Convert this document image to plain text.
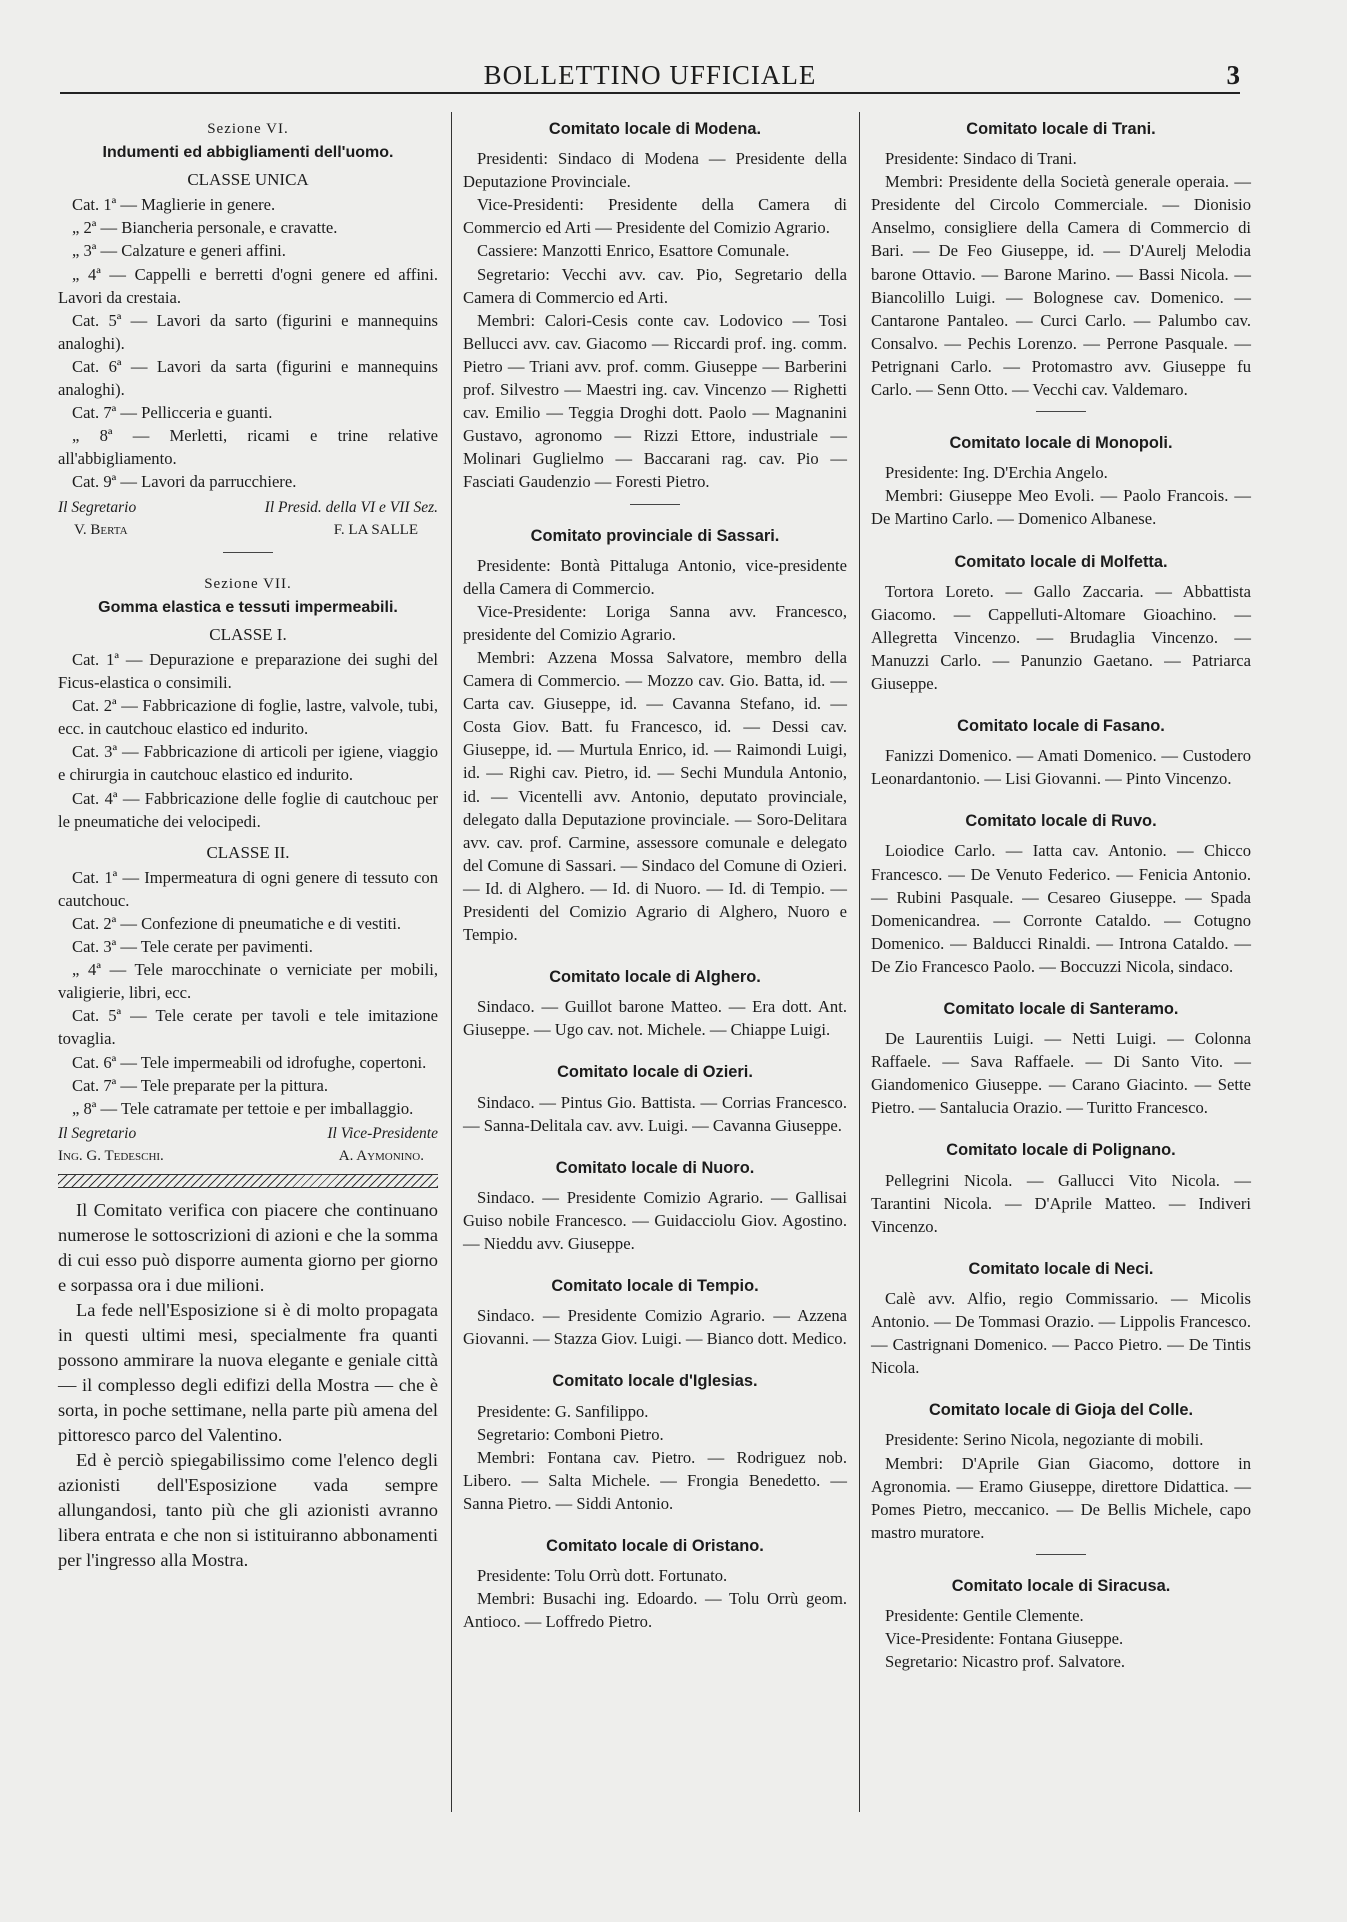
BOLLETTINO UFFICIALE	3
Sezione VI.
Indumenti ed abbigliamenti dell'uomo.
CLASSE UNICA

Cat. 1ª — Maglierie in genere.

„ 2ª — Biancheria personale, e cravatte.

„ 3ª — Calzature e generi affini.

„ 4ª — Cappelli e berretti d'ogni genere ed affini. Lavori da crestaia.

Cat. 5ª — Lavori da sarto (figurini e mannequins analoghi).

Cat. 6ª — Lavori da sarta (figurini e mannequins analoghi).

Cat. 7ª — Pellicceria e guanti.

„ 8ª — Merletti, ricami e trine relative all'abbigliamento.

Cat. 9ª — Lavori da parrucchiere.

Il Segretario	Il Presid. della VI e VII Sez.
V. Berta	F. LA SALLE
Sezione VII.
Gomma elastica e tessuti impermeabili.
CLASSE I.

Cat. 1ª — Depurazione e preparazione dei sughi del Ficus-elastica o consimili.

Cat. 2ª — Fabbricazione di foglie, lastre, valvole, tubi, ecc. in cautchouc elastico ed indurito.

Cat. 3ª — Fabbricazione di articoli per igiene, viaggio e chirurgia in cautchouc elastico ed indurito.

Cat. 4ª — Fabbricazione delle foglie di cautchouc per le pneumatiche dei velocipedi.

CLASSE II.

Cat. 1ª — Impermeatura di ogni genere di tessuto con cautchouc.

Cat. 2ª — Confezione di pneumatiche e di vestiti.

Cat. 3ª — Tele cerate per pavimenti.

„ 4ª — Tele marocchinate o verniciate per mobili, valigierie, libri, ecc.

Cat. 5ª — Tele cerate per tavoli e tele imitazione tovaglia.

Cat. 6ª — Tele impermeabili od idrofughe, copertoni.

Cat. 7ª — Tele preparate per la pittura.

„ 8ª — Tele catramate per tettoie e per imballaggio.

Il Segretario	Il Vice-Presidente
Ing. G. Tedeschi.	A. Aymonino.

Il Comitato verifica con piacere che continuano numerose le sottoscrizioni di azioni e che la somma di cui esso può disporre aumenta giorno per giorno e sorpassa ora i due milioni.

La fede nell'Esposizione si è di molto propagata in questi ultimi mesi, specialmente fra quanti possono ammirare la nuova elegante e geniale città — il complesso degli edifizi della Mostra — che è sorta, in poche settimane, nella parte più amena del pittoresco parco del Valentino.

Ed è perciò spiegabilissimo come l'elenco degli azionisti dell'Esposizione vada sempre allungandosi, tanto più che gli azionisti avranno libera entrata e che non si istituiranno abbonamenti per l'ingresso alla Mostra.

Comitato locale di Modena.

Presidenti: Sindaco di Modena — Presidente della Deputazione Provinciale.

Vice-Presidenti: Presidente della Camera di Commercio ed Arti — Presidente del Comizio Agrario.

Cassiere: Manzotti Enrico, Esattore Comunale.

Segretario: Vecchi avv. cav. Pio, Segretario della Camera di Commercio ed Arti.

Membri: Calori-Cesis conte cav. Lodovico — Tosi Bellucci avv. cav. Giacomo — Riccardi prof. ing. comm. Pietro — Triani avv. prof. comm. Giuseppe — Barberini prof. Silvestro — Maestri ing. cav. Vincenzo — Righetti cav. Emilio — Teggia Droghi dott. Paolo — Magnanini Gustavo, agronomo — Rizzi Ettore, industriale — Molinari Guglielmo — Baccarani rag. cav. Pio — Fasciati Gaudenzio — Foresti Pietro.

Comitato provinciale di Sassari.

Presidente: Bontà Pittaluga Antonio, vice-presidente della Camera di Commercio.

Vice-Presidente: Loriga Sanna avv. Francesco, presidente del Comizio Agrario.

Membri: Azzena Mossa Salvatore, membro della Camera di Commercio. — Mozzo cav. Gio. Batta, id. — Carta cav. Giuseppe, id. — Cavanna Stefano, id. — Costa Giov. Batt. fu Francesco, id. — Dessi cav. Giuseppe, id. — Murtula Enrico, id. — Raimondi Luigi, id. — Righi cav. Pietro, id. — Sechi Mundula Antonio, id. — Vicentelli avv. Antonio, deputato provinciale, delegato dalla Deputazione provinciale. — Soro-Delitara avv. cav. prof. Carmine, assessore comunale e delegato del Comune di Sassari. — Sindaco del Comune di Ozieri. — Id. di Alghero. — Id. di Nuoro. — Id. di Tempio. — Presidenti del Comizio Agrario di Alghero, Nuoro e Tempio.

Comitato locale di Alghero.

Sindaco. — Guillot barone Matteo. — Era dott. Ant. Giuseppe. — Ugo cav. not. Michele. — Chiappe Luigi.

Comitato locale di Ozieri.

Sindaco. — Pintus Gio. Battista. — Corrias Francesco. — Sanna-Delitala cav. avv. Luigi. — Cavanna Giuseppe.

Comitato locale di Nuoro.

Sindaco. — Presidente Comizio Agrario. — Gallisai Guiso nobile Francesco. — Guidacciolu Giov. Agostino. — Nieddu avv. Giuseppe.

Comitato locale di Tempio.

Sindaco. — Presidente Comizio Agrario. — Azzena Giovanni. — Stazza Giov. Luigi. — Bianco dott. Medico.

Comitato locale d'Iglesias.

Presidente: G. Sanfilippo.

Segretario: Comboni Pietro.

Membri: Fontana cav. Pietro. — Rodriguez nob. Libero. — Salta Michele. — Frongia Benedetto. — Sanna Pietro. — Siddi Antonio.

Comitato locale di Oristano.

Presidente: Tolu Orrù dott. Fortunato.

Membri: Busachi ing. Edoardo. — Tolu Orrù geom. Antioco. — Loffredo Pietro.

Comitato locale di Trani.

Presidente: Sindaco di Trani.

Membri: Presidente della Società generale operaia. — Presidente del Circolo Commerciale. — Dionisio Anselmo, consigliere della Camera di Commercio di Bari. — De Feo Giuseppe, id. — D'Aurelj Melodia barone Ottavio. — Barone Marino. — Bassi Nicola. — Biancolillo Luigi. — Bolognese cav. Domenico. — Cantarone Pantaleo. — Curci Carlo. — Palumbo cav. Consalvo. — Pechis Lorenzo. — Perrone Pasquale. — Petrignani Carlo. — Protomastro avv. Giuseppe fu Carlo. — Senn Otto. — Vecchi cav. Valdemaro.

Comitato locale di Monopoli.

Presidente: Ing. D'Erchia Angelo.

Membri: Giuseppe Meo Evoli. — Paolo Francois. — De Martino Carlo. — Domenico Albanese.

Comitato locale di Molfetta.

Tortora Loreto. — Gallo Zaccaria. — Abbattista Giacomo. — Cappelluti-Altomare Gioachino. — Allegretta Vincenzo. — Brudaglia Vincenzo. — Manuzzi Carlo. — Panunzio Gaetano. — Patriarca Giuseppe.

Comitato locale di Fasano.

Fanizzi Domenico. — Amati Domenico. — Custodero Leonardantonio. — Lisi Giovanni. — Pinto Vincenzo.

Comitato locale di Ruvo.

Loiodice Carlo. — Iatta cav. Antonio. — Chicco Francesco. — De Venuto Federico. — Fenicia Antonio. — Rubini Pasquale. — Cesareo Giuseppe. — Spada Domenicandrea. — Corronte Cataldo. — Cotugno Domenico. — Balducci Rinaldi. — Introna Cataldo. — De Zio Francesco Paolo. — Boccuzzi Nicola, sindaco.

Comitato locale di Santeramo.

De Laurentiis Luigi. — Netti Luigi. — Colonna Raffaele. — Sava Raffaele. — Di Santo Vito. — Giandomenico Giuseppe. — Carano Giacinto. — Sette Pietro. — Santalucia Orazio. — Turitto Francesco.

Comitato locale di Polignano.

Pellegrini Nicola. — Gallucci Vito Nicola. — Tarantini Nicola. — D'Aprile Matteo. — Indiveri Vincenzo.

Comitato locale di Neci.

Calè avv. Alfio, regio Commissario. — Micolis Antonio. — De Tommasi Orazio. — Lippolis Francesco. — Castrignani Domenico. — Pacco Pietro. — De Tintis Nicola.

Comitato locale di Gioja del Colle.

Presidente: Serino Nicola, negoziante di mobili.

Membri: D'Aprile Gian Giacomo, dottore in Agronomia. — Eramo Giuseppe, direttore Didattica. — Pomes Pietro, meccanico. — De Bellis Michele, capo mastro muratore.

Comitato locale di Siracusa.

Presidente: Gentile Clemente.

Vice-Presidente: Fontana Giuseppe.

Segretario: Nicastro prof. Salvatore.
